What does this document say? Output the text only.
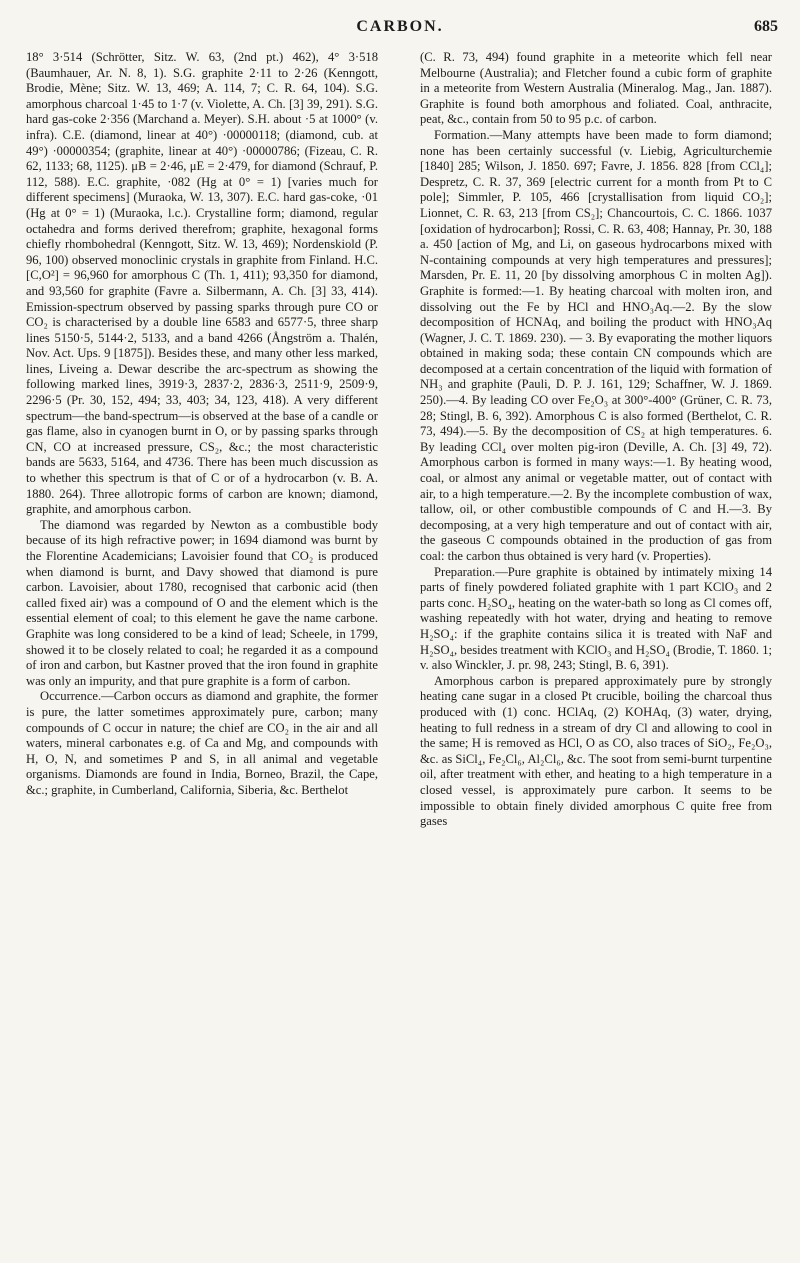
CARBON.	685

18° 3·514 (Schrötter, Sitz. W. 63, (2nd pt.) 462), 4° 3·518 (Baumhauer, Ar. N. 8, 1). S.G. graphite 2·11 to 2·26 (Kenngott, Brodie, Mène; Sitz. W. 13, 469; A. 114, 7; C. R. 64, 104). S.G. amorphous charcoal 1·45 to 1·7 (v. Violette, A. Ch. [3] 39, 291). S.G. hard gas-coke 2·356 (Marchand a. Meyer). S.H. about ·5 at 1000° (v. infra). C.E. (diamond, linear at 40°) ·00000118; (diamond, cub. at 49°) ·00000354; (graphite, linear at 40°) ·00000786; (Fizeau, C. R. 62, 1133; 68, 1125). μB = 2·46, μE = 2·479, for diamond (Schrauf, P. 112, 588). E.C. graphite, ·082 (Hg at 0° = 1) [varies much for different specimens] (Muraoka, W. 13, 307). E.C. hard gas-coke, ·01 (Hg at 0° = 1) (Muraoka, l.c.). Crystalline form; diamond, regular octahedra and forms derived therefrom; graphite, hexagonal forms chiefly rhombohedral (Kenngott, Sitz. W. 13, 469); Nordenskiold (P. 96, 100) observed monoclinic crystals in graphite from Finland. H.C. [C,O²] = 96,960 for amorphous C (Th. 1, 411); 93,350 for diamond, and 93,560 for graphite (Favre a. Silbermann, A. Ch. [3] 33, 414). Emission-spectrum observed by passing sparks through pure CO or CO₂ is characterised by a double line 6583 and 6577·5, three sharp lines 5150·5, 5144·2, 5133, and a band 4266 (Ångström a. Thalén, Nov. Act. Ups. 9 [1875]). Besides these, and many other less marked, lines, Liveing a. Dewar describe the arc-spectrum as showing the following marked lines, 3919·3, 2837·2, 2836·3, 2511·9, 2509·9, 2296·5 (Pr. 30, 152, 494; 33, 403; 34, 123, 418). A very different spectrum—the band-spectrum—is observed at the base of a candle or gas flame, also in cyanogen burnt in O, or by passing sparks through CN, CO at increased pressure, CS₂, &c.; the most characteristic bands are 5633, 5164, and 4736. There has been much discussion as to whether this spectrum is that of C or of a hydrocarbon (v. B. A. 1880. 264). Three allotropic forms of carbon are known; diamond, graphite, and amorphous carbon.

The diamond was regarded by Newton as a combustible body because of its high refractive power; in 1694 diamond was burnt by the Florentine Academicians; Lavoisier found that CO₂ is produced when diamond is burnt, and Davy showed that diamond is pure carbon. Lavoisier, about 1780, recognised that carbonic acid (then called fixed air) was a compound of O and the element which is the essential element of coal; to this element he gave the name carbone. Graphite was long considered to be a kind of lead; Scheele, in 1799, showed it to be closely related to coal; he regarded it as a compound of iron and carbon, but Kastner proved that the iron found in graphite was only an impurity, and that pure graphite is a form of carbon.

Occurrence.—Carbon occurs as diamond and graphite, the former is pure, the latter sometimes approximately pure, carbon; many compounds of C occur in nature; the chief are CO₂ in the air and all waters, mineral carbonates e.g. of Ca and Mg, and compounds with H, O, N, and sometimes P and S, in all animal and vegetable organisms. Diamonds are found in India, Borneo, Brazil, the Cape, &c.; graphite, in Cumberland, California, Siberia, &c. Berthelot

(C. R. 73, 494) found graphite in a meteorite which fell near Melbourne (Australia); and Fletcher found a cubic form of graphite in a meteorite from Western Australia (Mineralog. Mag., Jan. 1887). Graphite is found both amorphous and foliated. Coal, anthracite, peat, &c., contain from 50 to 95 p.c. of carbon.

Formation.—Many attempts have been made to form diamond; none has been certainly successful (v. Liebig, Agriculturchemie [1840] 285; Wilson, J. 1850. 697; Favre, J. 1856. 828 [from CCl₄]; Despretz, C. R. 37, 369 [electric current for a month from Pt to C pole]; Simmler, P. 105, 466 [crystallisation from liquid CO₂]; Lionnet, C. R. 63, 213 [from CS₂]; Chancourtois, C. C. 1866. 1037 [oxidation of hydrocarbon]; Rossi, C. R. 63, 408; Hannay, Pr. 30, 188 a. 450 [action of Mg, and Li, on gaseous hydrocarbons mixed with N-containing compounds at very high temperatures and pressures]; Marsden, Pr. E. 11, 20 [by dissolving amorphous C in molten Ag]). Graphite is formed:—1. By heating charcoal with molten iron, and dissolving out the Fe by HCl and HNO₃Aq.—2. By the slow decomposition of HCNAq, and boiling the product with HNO₃Aq (Wagner, J. C. T. 1869. 230). — 3. By evaporating the mother liquors obtained in making soda; these contain CN compounds which are decomposed at a certain concentration of the liquid with formation of NH₃ and graphite (Pauli, D. P. J. 161, 129; Schaffner, W. J. 1869. 250).—4. By leading CO over Fe₂O₃ at 300°-400° (Grüner, C. R. 73, 28; Stingl, B. 6, 392). Amorphous C is also formed (Berthelot, C. R. 73, 494).—5. By the decomposition of CS₂ at high temperatures. 6. By leading CCl₄ over molten pig-iron (Deville, A. Ch. [3] 49, 72). Amorphous carbon is formed in many ways:—1. By heating wood, coal, or almost any animal or vegetable matter, out of contact with air, to a high temperature.—2. By the incomplete combustion of wax, tallow, oil, or other combustible compounds of C and H.—3. By decomposing, at a very high temperature and out of contact with air, the gaseous C compounds obtained in the production of gas from coal: the carbon thus obtained is very hard (v. Properties).

Preparation.—Pure graphite is obtained by intimately mixing 14 parts of finely powdered foliated graphite with 1 part KClO₃ and 2 parts conc. H₂SO₄, heating on the water-bath so long as Cl comes off, washing repeatedly with hot water, drying and heating to remove H₂SO₄: if the graphite contains silica it is treated with NaF and H₂SO₄, besides treatment with KClO₃ and H₂SO₄ (Brodie, T. 1860. 1; v. also Winckler, J. pr. 98, 243; Stingl, B. 6, 391).

Amorphous carbon is prepared approximately pure by strongly heating cane sugar in a closed Pt crucible, boiling the charcoal thus produced with (1) conc. HClAq, (2) KOHAq, (3) water, drying, heating to full redness in a stream of dry Cl and allowing to cool in the same; H is removed as HCl, O as CO, also traces of SiO₂, Fe₂O₃, &c. as SiCl₄, Fe₂Cl₆, Al₂Cl₆, &c. The soot from semi-burnt turpentine oil, after treatment with ether, and heating to a high temperature in a closed vessel, is approximately pure carbon. It seems to be impossible to obtain finely divided amorphous C quite free from gases
